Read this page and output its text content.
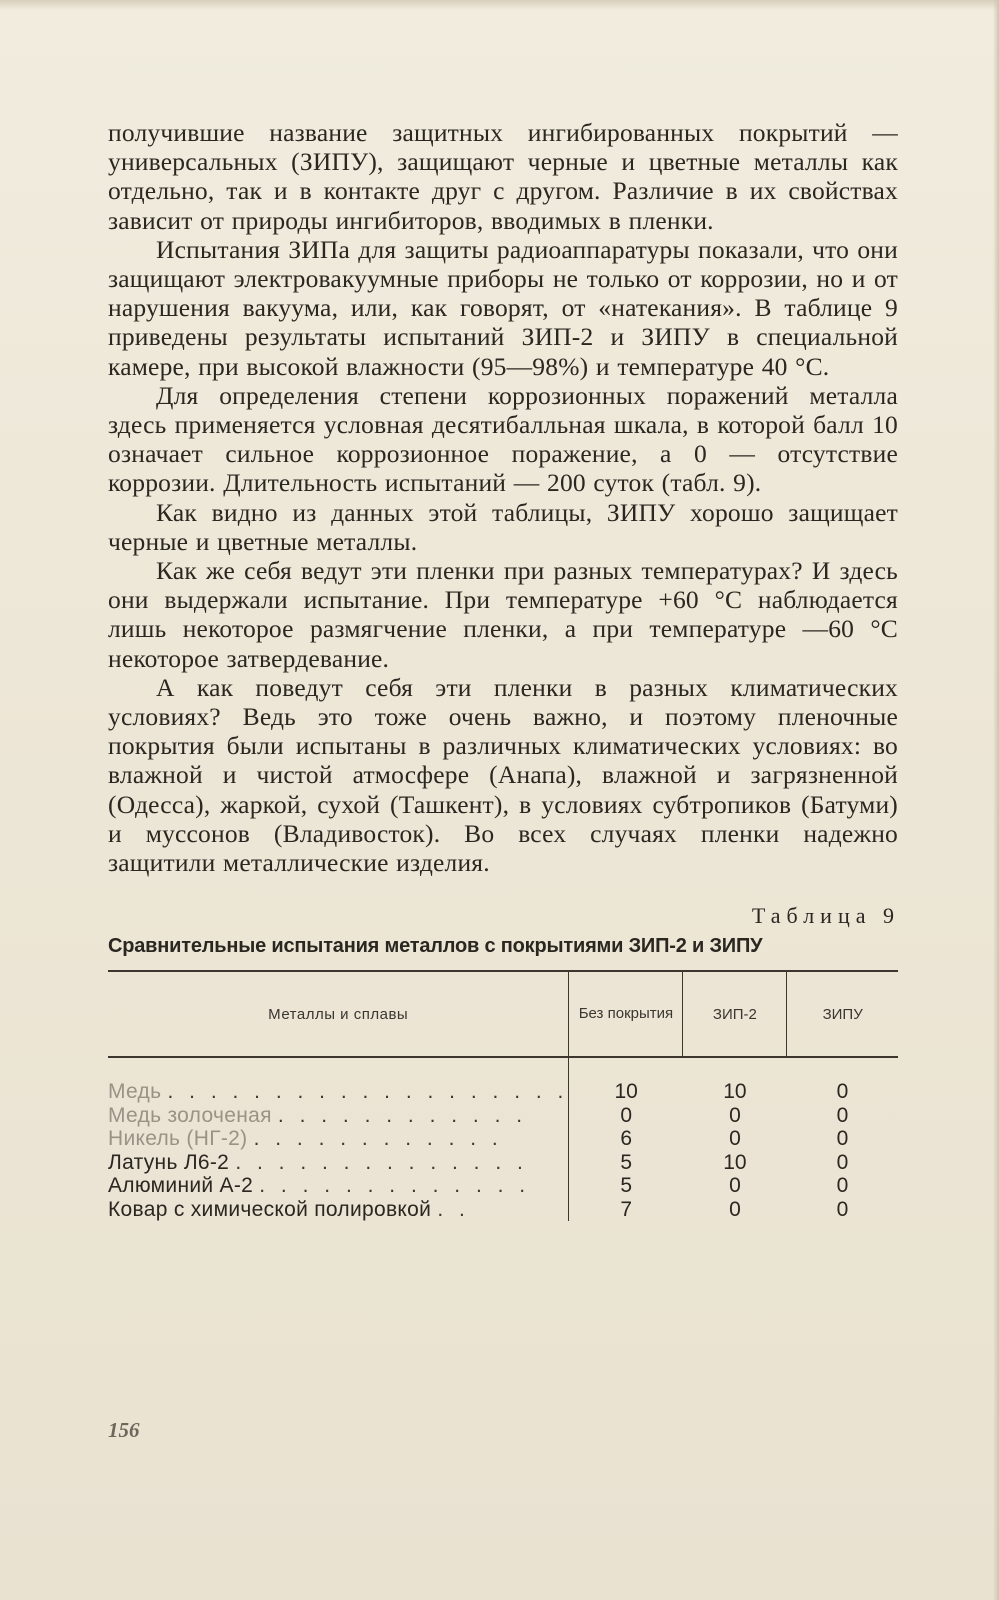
получившие название защитных ингибированных покрытий — универсальных (ЗИПУ), защищают черные и цветные металлы как отдельно, так и в контакте друг с другом. Различие в их свойствах зависит от природы ингибиторов, вводимых в пленки.

Испытания ЗИПа для защиты радиоаппаратуры показали, что они защищают электровакуумные приборы не только от коррозии, но и от нарушения вакуума, или, как говорят, от «натекания». В таблице 9 приведены результаты испытаний ЗИП-2 и ЗИПУ в специальной камере, при высокой влажности (95—98%) и температуре 40 °С.

Для определения степени коррозионных поражений металла здесь применяется условная десятибалльная шкала, в которой балл 10 означает сильное коррозионное поражение, а 0 — отсутствие коррозии. Длительность испытаний — 200 суток (табл. 9).

Как видно из данных этой таблицы, ЗИПУ хорошо защищает черные и цветные металлы.

Как же себя ведут эти пленки при разных температурах? И здесь они выдержали испытание. При температуре +60 °С наблюдается лишь некоторое размягчение пленки, а при температуре —60 °С некоторое затвердевание.

А как поведут себя эти пленки в разных климатических условиях? Ведь это тоже очень важно, и поэтому пленочные покрытия были испытаны в различных климатических условиях: во влажной и чистой атмосфере (Анапа), влажной и загрязненной (Одесса), жаркой, сухой (Ташкент), в условиях субтропиков (Батуми) и муссонов (Владивосток). Во всех случаях пленки надежно защитили металлические изделия.

Таблица 9
Сравнительные испытания металлов с покрытиями ЗИП-2 и ЗИПУ
Металлы и сплавы	Без покрытия	ЗИП-2	ЗИПУ
Медь . . . . . . . . . . . . . . . . . . .	10	10	0
Медь золоченая . . . . . . . . . . . .	0	0	0
Никель (НГ-2) . . . . . . . . . . . .	6	0	0
Латунь Л6-2 . . . . . . . . . . . . . .	5	10	0
Алюминий А-2 . . . . . . . . . . . . .	5	0	0
Ковар с химической полировкой . .	7	0	0
156
